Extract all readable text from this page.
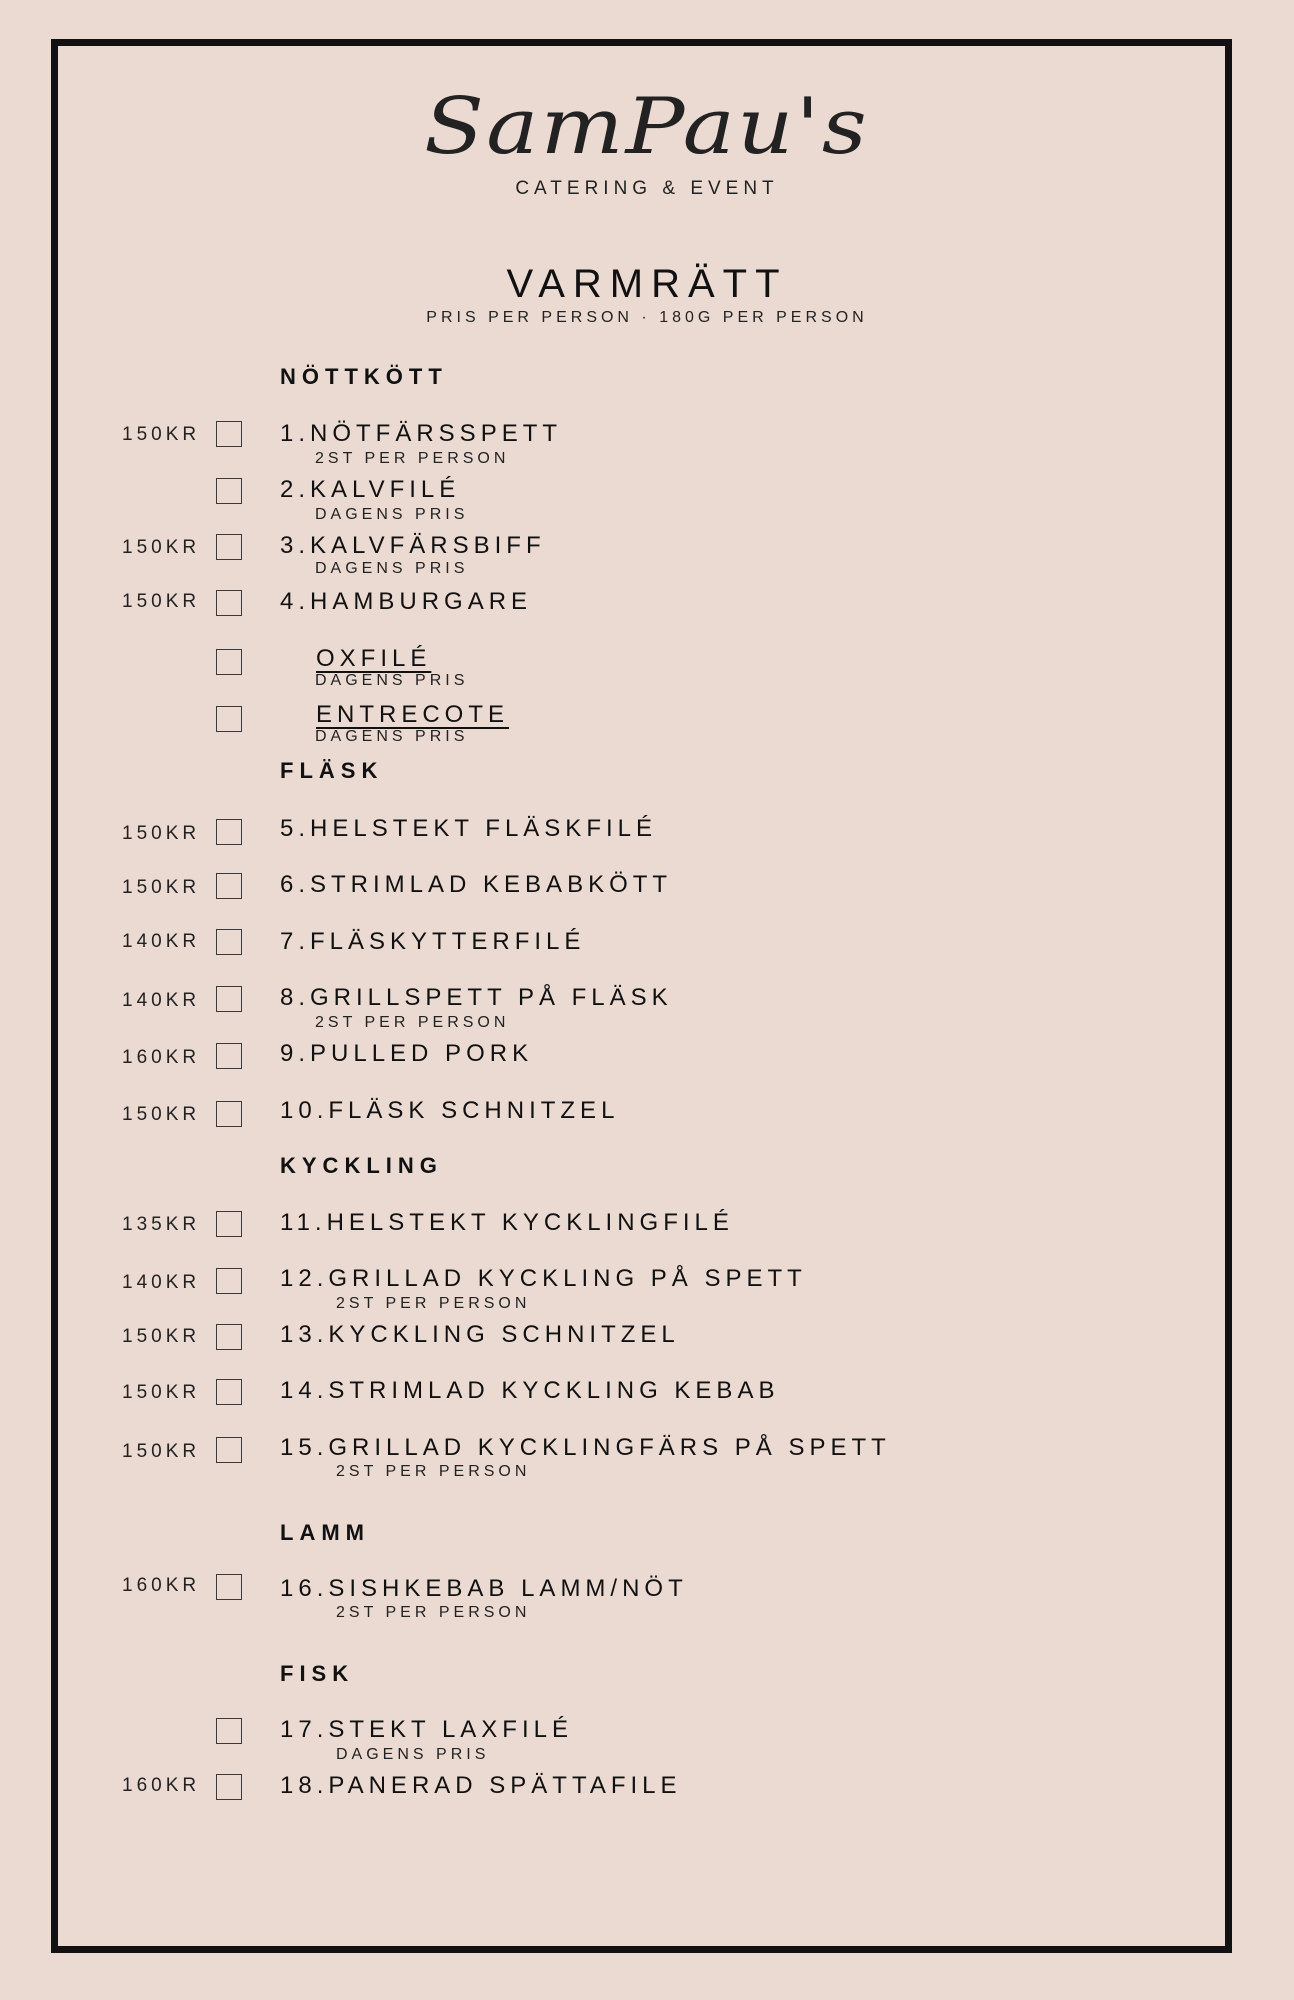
SamPau's
CATERING & EVENT
VARMRÄTT
PRIS PER PERSON · 180G PER PERSON
NÖTTKÖTT
FLÄSK
KYCKLING
LAMM
FISK
150KR	1.NÖTFÄRSSPETT
2ST PER PERSON
2.KALVFILÉ
DAGENS PRIS
150KR	3.KALVFÄRSBIFF
DAGENS PRIS
150KR	4.HAMBURGARE
OXFILÉ
DAGENS PRIS
ENTRECOTE
DAGENS PRIS
150KR	5.HELSTEKT FLÄSKFILÉ
150KR	6.STRIMLAD KEBABKÖTT
140KR	7.FLÄSKYTTERFILÉ
140KR	8.GRILLSPETT PÅ FLÄSK
2ST PER PERSON
160KR	9.PULLED PORK
150KR	10.FLÄSK SCHNITZEL
135KR	11.HELSTEKT KYCKLINGFILÉ
140KR	12.GRILLAD KYCKLING PÅ SPETT
2ST PER PERSON
150KR	13.KYCKLING SCHNITZEL
150KR	14.STRIMLAD KYCKLING KEBAB
150KR	15.GRILLAD KYCKLINGFÄRS PÅ SPETT
2ST PER PERSON
160KR	16.SISHKEBAB LAMM/NÖT
2ST PER PERSON
17.STEKT LAXFILÉ
DAGENS PRIS
160KR	18.PANERAD SPÄTTAFILE
